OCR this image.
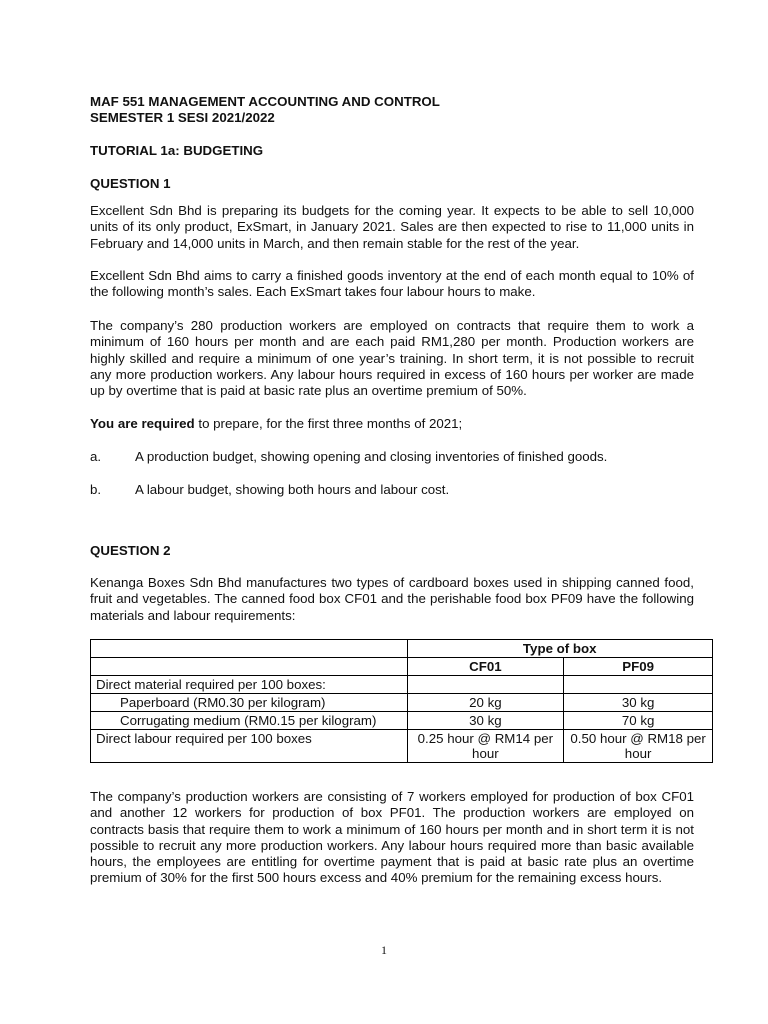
MAF 551 MANAGEMENT ACCOUNTING AND CONTROL
SEMESTER 1 SESI 2021/2022
TUTORIAL 1a: BUDGETING
QUESTION 1
Excellent Sdn Bhd is preparing its budgets for the coming year. It expects to be able to sell 10,000 units of its only product, ExSmart, in January 2021. Sales are then expected to rise to 11,000 units in February and 14,000 units in March, and then remain stable for the rest of the year.
Excellent Sdn Bhd aims to carry a finished goods inventory at the end of each month equal to 10% of the following month’s sales. Each ExSmart takes four labour hours to make.
The company’s 280 production workers are employed on contracts that require them to work a minimum of 160 hours per month and are each paid RM1,280 per month. Production workers are highly skilled and require a minimum of one year’s training. In short term, it is not possible to recruit any more production workers. Any labour hours required in excess of 160 hours per worker are made up by overtime that is paid at basic rate plus an overtime premium of 50%.
You are required to prepare, for the first three months of 2021;
a.	A production budget, showing opening and closing inventories of finished goods.
b.	A labour budget, showing both hours and labour cost.
QUESTION 2
Kenanga Boxes Sdn Bhd manufactures two types of cardboard boxes used in shipping canned food, fruit and vegetables. The canned food box CF01 and the perishable food box PF09 have the following materials and labour requirements:
	Type of box	
	CF01	PF09
Direct material required per 100 boxes:		
Paperboard (RM0.30 per kilogram)	20 kg	30 kg
Corrugating medium (RM0.15 per kilogram)	30 kg	70 kg
Direct labour required per 100 boxes	0.25 hour @ RM14 per hour	0.50 hour @ RM18 per hour
The company’s production workers are consisting of 7 workers employed for production of box CF01 and another 12 workers for production of box PF01. The production workers are employed on contracts basis that require them to work a minimum of 160 hours per month and in short term it is not possible to recruit any more production workers. Any labour hours required more than basic available hours, the employees are entitling for overtime payment that is paid at basic rate plus an overtime premium of 30% for the first 500 hours excess and 40% premium for the remaining excess hours.
1
